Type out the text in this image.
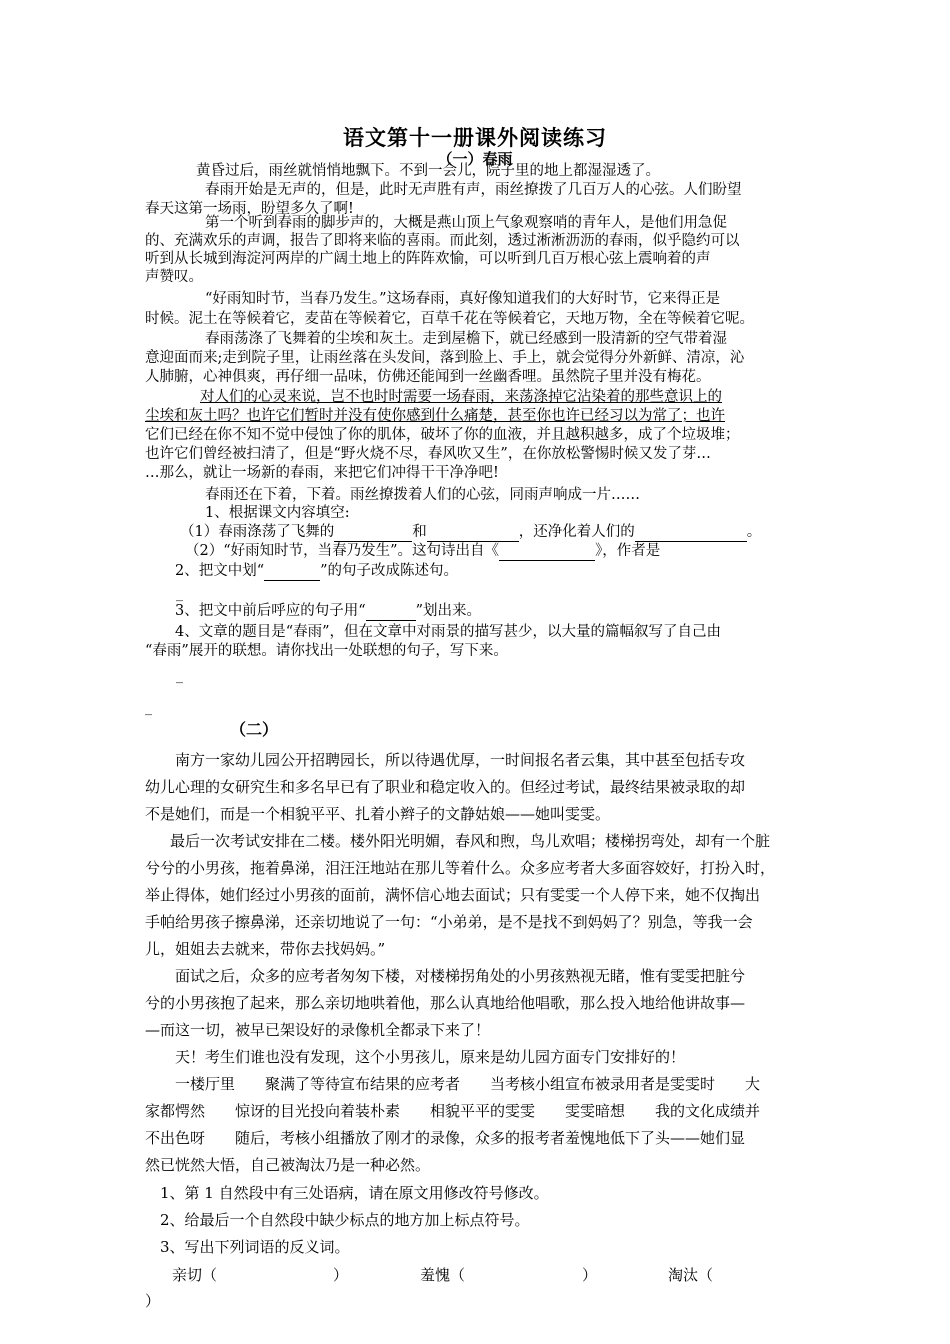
语文第十一册课外阅读练习
（一）春雨
黄昏过后，雨丝就悄悄地飘下。不到一会儿，院子里的地上都湿湿透了。
春雨开始是无声的，但是，此时无声胜有声，雨丝撩拨了几百万人的心弦。人们盼望
春天这第一场雨，盼望多久了啊!
第一个听到春雨的脚步声的，大概是燕山顶上气象观察哨的青年人，是他们用急促
的、充满欢乐的声调，报告了即将来临的喜雨。而此刻，透过淅淅沥沥的春雨，似乎隐约可以
听到从长城到海淀河两岸的广阔土地上的阵阵欢愉，可以听到几百万根心弦上震响着的声
声赞叹。
“好雨知时节，当春乃发生。”这场春雨，真好像知道我们的大好时节，它来得正是
时候。泥土在等候着它，麦苗在等候着它，百草千花在等候着它，天地万物，全在等候着它呢。
春雨荡涤了飞舞着的尘埃和灰土。走到屋檐下，就已经感到一股清新的空气带着湿
意迎面而来;走到院子里，让雨丝落在头发间，落到脸上、手上，就会觉得分外新鲜、清凉，沁
人肺腑，心神俱爽，再仔细一品味，仿佛还能闻到一丝幽香哩。虽然院子里并没有梅花。
对人们的心灵来说，岂不也时时需要一场春雨，来荡涤掉它沾染着的那些意识上的
尘埃和灰土吗？也许它们暂时并没有使你感到什么痛楚，甚至你也许已经习以为常了；也许
它们已经在你不知不觉中侵蚀了你的肌体，破坏了你的血液，并且越积越多，成了个垃圾堆；
也许它们曾经被扫清了，但是“野火烧不尽，春风吹又生”，在你放松警惕时候又发了芽…
…那么，就让一场新的春雨，来把它们冲得干干净净吧!
春雨还在下着，下着。雨丝撩拨着人们的心弦，同雨声响成一片……
1、根据课文内容填空:
（1）春雨涤荡了飞舞的	和	，还净化着人们的	。
（2）“好雨知时节，当春乃发生”。这句诗出自《	》，作者是
2、把文中划“	”的句子改成陈述句。
_
3、把文中前后呼应的句子用“	”划出来。
4、文章的题目是“春雨”，但在文章中对雨景的描写甚少，以大量的篇幅叙写了自己由
“春雨”展开的联想。请你找出一处联想的句子，写下来。
_
_
（二）
南方一家幼儿园公开招聘园长，所以待遇优厚，一时间报名者云集，其中甚至包括专攻
幼儿心理的女研究生和多名早已有了职业和稳定收入的。但经过考试，最终结果被录取的却
不是她们，而是一个相貌平平、扎着小辫子的文静姑娘——她叫雯雯。
最后一次考试安排在二楼。楼外阳光明媚，春风和煦，鸟儿欢唱；楼梯拐弯处，却有一个脏
兮兮的小男孩，拖着鼻涕，泪汪汪地站在那儿等着什么。众多应考者大多面容姣好，打扮入时，
举止得体，她们经过小男孩的面前，满怀信心地去面试；只有雯雯一个人停下来，她不仅掏出
手帕给男孩子擦鼻涕，还亲切地说了一句：“小弟弟，是不是找不到妈妈了？别急，等我一会
儿，姐姐去去就来，带你去找妈妈。”
面试之后，众多的应考者匆匆下楼，对楼梯拐角处的小男孩熟视无睹，惟有雯雯把脏兮
兮的小男孩抱了起来，那么亲切地哄着他，那么认真地给他唱歌，那么投入地给他讲故事—
—而这一切，被早已架设好的录像机全都录下来了！
天！考生们谁也没有发现，这个小男孩儿，原来是幼儿园方面专门安排好的！
一楼厅里　　聚满了等待宣布结果的应考者　　当考核小组宣布被录用者是雯雯时　　大
家都愕然　　惊讶的目光投向着装朴素　　相貌平平的雯雯　　雯雯暗想　　我的文化成绩并
不出色呀　　随后，考核小组播放了刚才的录像，众多的报考者羞愧地低下了头——她们显
然已恍然大悟，自己被淘汰乃是一种必然。
1、第 1 自然段中有三处语病，请在原文用修改符号修改。
2、给最后一个自然段中缺少标点的地方加上标点符号。
3、写出下列词语的反义词。
亲切（	）	羞愧（	）	淘汰（
）
